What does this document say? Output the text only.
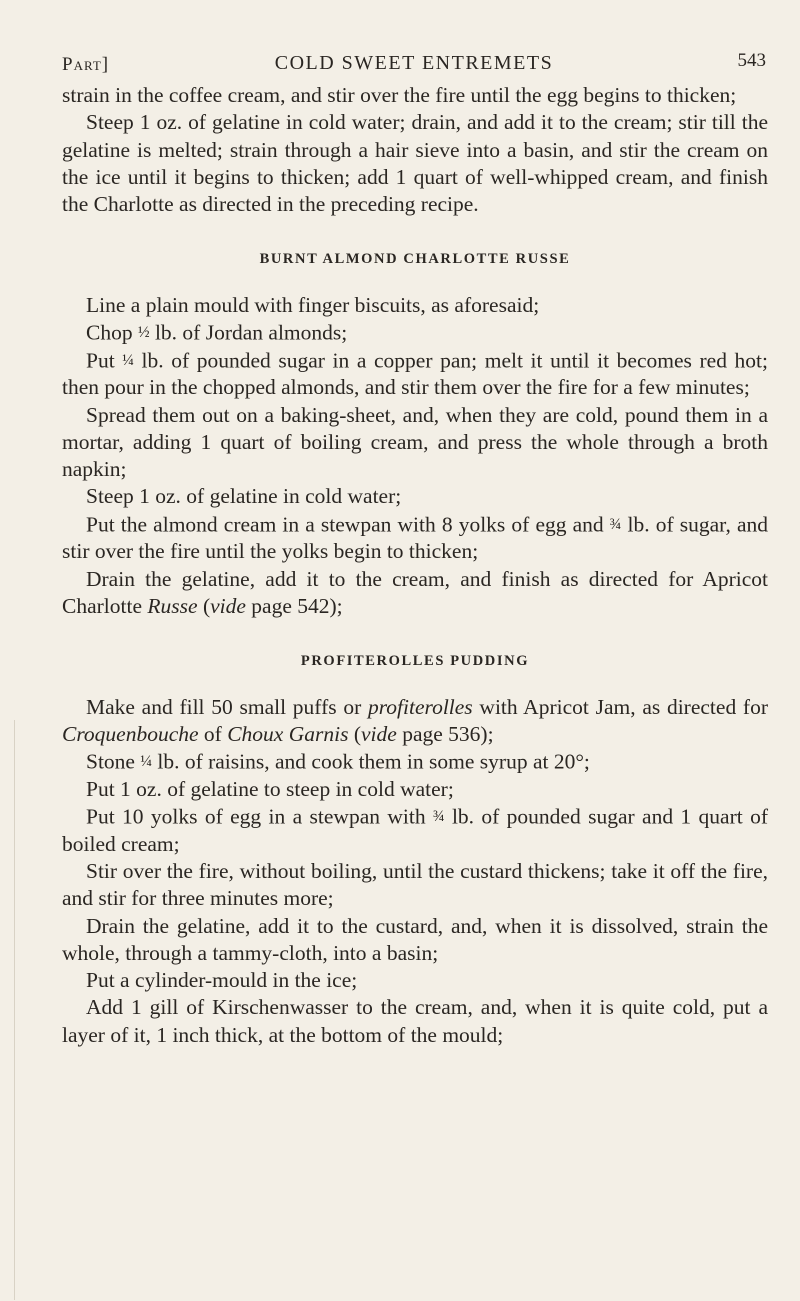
Part]	COLD SWEET ENTREMETS	543

strain in the coffee cream, and stir over the fire until the egg begins to thicken;

Steep 1 oz. of gelatine in cold water; drain, and add it to the cream; stir till the gelatine is melted; strain through a hair sieve into a basin, and stir the cream on the ice until it begins to thicken; add 1 quart of well-whipped cream, and finish the Charlotte as directed in the preceding recipe.

BURNT ALMOND CHARLOTTE RUSSE

Line a plain mould with finger biscuits, as aforesaid;

Chop ½ lb. of Jordan almonds;

Put ¼ lb. of pounded sugar in a copper pan; melt it until it becomes red hot; then pour in the chopped almonds, and stir them over the fire for a few minutes;

Spread them out on a baking-sheet, and, when they are cold, pound them in a mortar, adding 1 quart of boiling cream, and press the whole through a broth napkin;

Steep 1 oz. of gelatine in cold water;

Put the almond cream in a stewpan with 8 yolks of egg and ¾ lb. of sugar, and stir over the fire until the yolks begin to thicken;

Drain the gelatine, add it to the cream, and finish as directed for Apricot Charlotte Russe (vide page 542);

PROFITEROLLES PUDDING

Make and fill 50 small puffs or profiterolles with Apricot Jam, as directed for Croquenbouche of Choux Garnis (vide page 536);

Stone ¼ lb. of raisins, and cook them in some syrup at 20°;

Put 1 oz. of gelatine to steep in cold water;

Put 10 yolks of egg in a stewpan with ¾ lb. of pounded sugar and 1 quart of boiled cream;

Stir over the fire, without boiling, until the custard thickens; take it off the fire, and stir for three minutes more;

Drain the gelatine, add it to the custard, and, when it is dissolved, strain the whole, through a tammy-cloth, into a basin;

Put a cylinder-mould in the ice;

Add 1 gill of Kirschenwasser to the cream, and, when it is quite cold, put a layer of it, 1 inch thick, at the bottom of the mould;
